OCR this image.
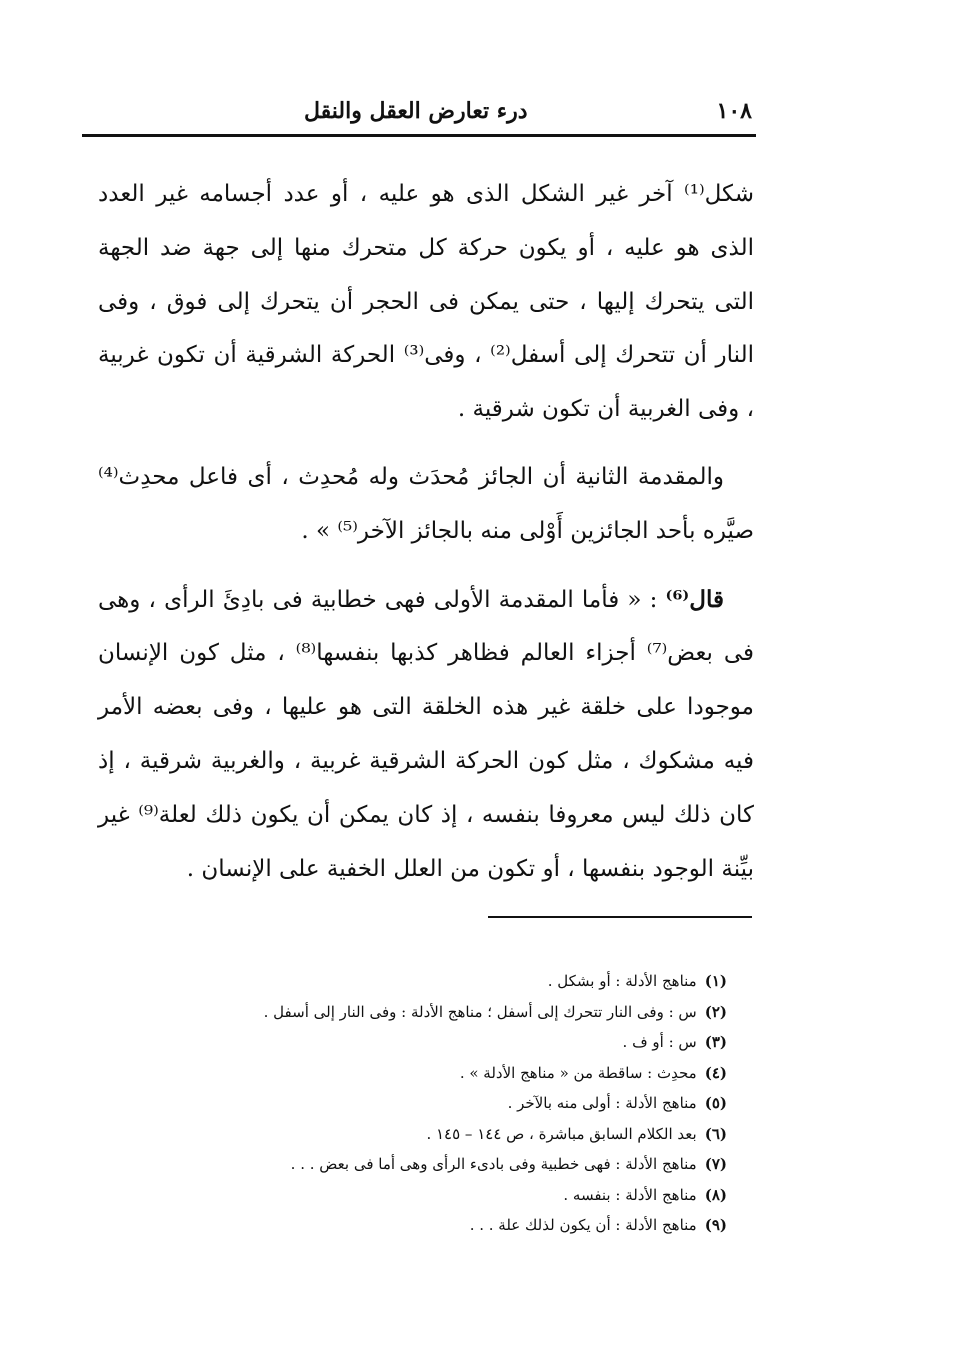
١٠٨
درء تعارض العقل والنقل

شكل⁽¹⁾ آخر غير الشكل الذى هو عليه ، أو عدد أجسامه غير العدد الذى هو عليه ، أو يكون حركة كل متحرك منها إلى جهة ضد الجهة التى يتحرك إليها ، حتى يمكن فى الحجر أن يتحرك إلى فوق ، وفى النار أن تتحرك إلى أسفل⁽²⁾ ، وفى⁽³⁾ الحركة الشرقية أن تكون غربية ، وفى الغربية أن تكون شرقية .

والمقدمة الثانية أن الجائز مُحدَث وله مُحدِث ، أى فاعل محدِث⁽⁴⁾ صيَّره بأحد الجائزين أَوْلى منه بالجائز الآخر⁽⁵⁾ » .

قال⁽⁶⁾ : « فأما المقدمة الأولى فهى خطابية فى بادِئَ الرأى ، وهى فى بعض⁽⁷⁾ أجزاء العالم فظاهر كذبها بنفسها⁽⁸⁾ ، مثل كون الإنسان موجودا على خلقة غير هذه الخلقة التى هو عليها ، وفى بعضه الأمر فيه مشكوك ، مثل كون الحركة الشرقية غربية ، والغربية شرقية ، إذ كان ذلك ليس معروفا بنفسه ، إذ كان يمكن أن يكون ذلك لعلة⁽⁹⁾ غير بيِّنة الوجود بنفسها ، أو تكون من العلل الخفية على الإنسان .

(١)مناهج الأدلة : أو بشكل .
(٢)س : وفى النار تتحرك إلى أسفل ؛ مناهج الأدلة : وفى النار إلى أسفل .
(٣)س : أو ف .
(٤)محدِث : ساقطة من « مناهج الأدلة » .
(٥)مناهج الأدلة : أولى منه بالآخر .
(٦)بعد الكلام السابق مباشرة ، ص ١٤٤ – ١٤٥ .
(٧)مناهج الأدلة : فهى خطبية وفى بادىء الرأى وهى أما فى بعض . . .
(٨)مناهج الأدلة : بنفسه .
(٩)مناهج الأدلة : أن يكون لذلك علة . . .
